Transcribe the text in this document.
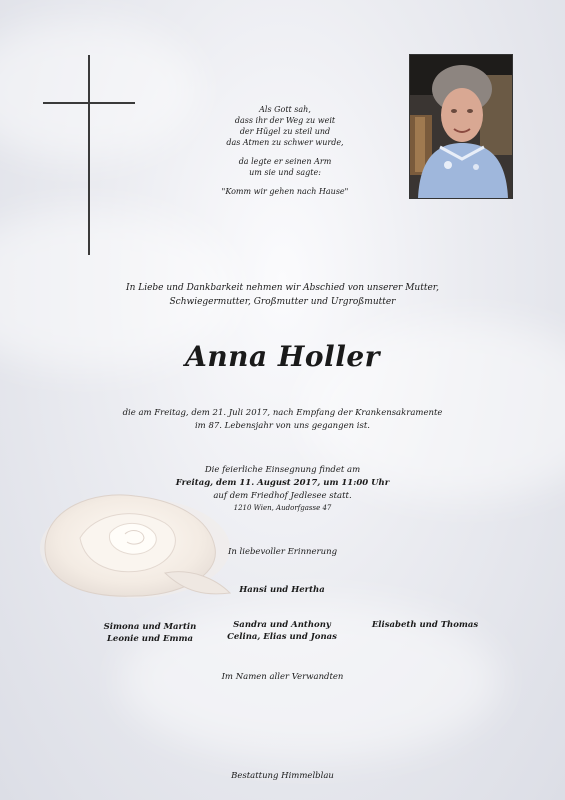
Als Gott sah,
dass ihr der Weg zu weit
der Hügel zu steil und
das Atmen zu schwer wurde,
da legte er seinen Arm
um sie und sagte:
"Komm wir gehen nach Hause"
In Liebe und Dankbarkeit nehmen wir Abschied von unserer Mutter,
Schwiegermutter, Großmutter und Urgroßmutter
Anna Holler
die am Freitag, dem 21. Juli 2017, nach Empfang der Krankensakramente
im 87. Lebensjahr von uns gegangen ist.
Die feierliche Einsegnung findet am
Freitag, dem 11. August 2017, um 11:00 Uhr
auf dem Friedhof Jedlesee statt.
1210 Wien, Audorfgasse 47
In liebevoller Erinnerung
Hansi und Hertha
Simona und Martin
Leonie und Emma
Sandra und Anthony
Celina, Elias und Jonas
Elisabeth und Thomas
Im Namen aller Verwandten
Bestattung Himmelblau
